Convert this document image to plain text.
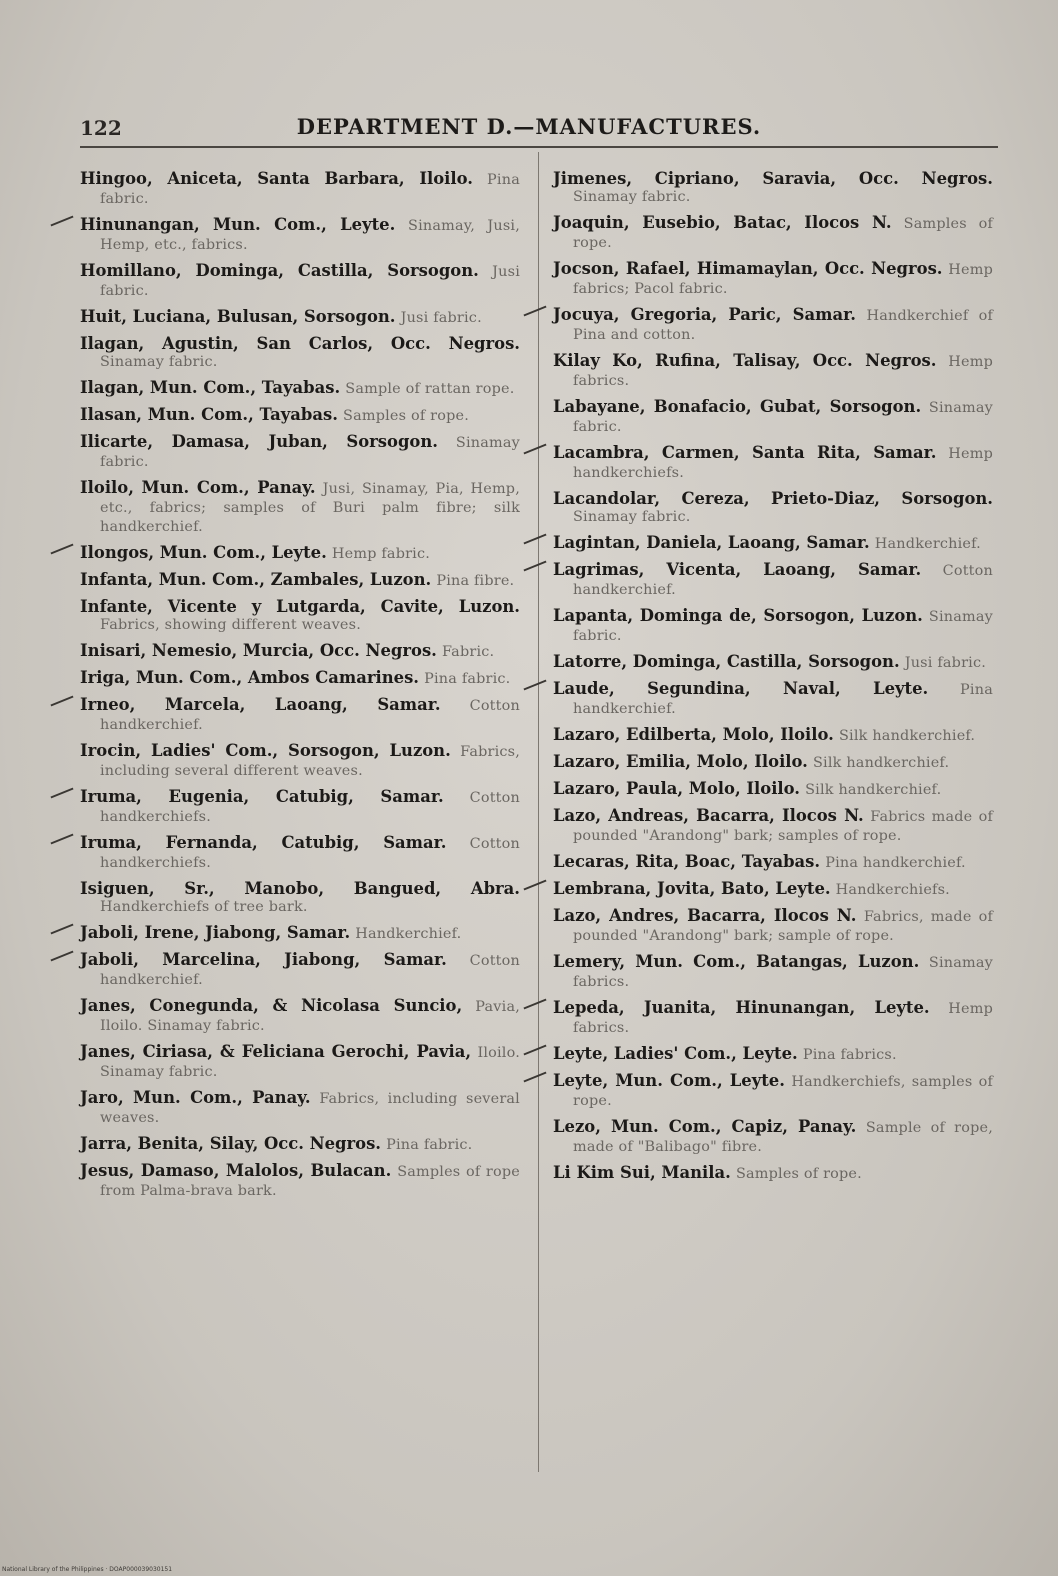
122	DEPARTMENT D.—MANUFACTURES.
Hingoo, Aniceta, Santa Barbara, Iloilo. Pina fabric.
Hinunangan, Mun. Com., Leyte. Sinamay, Jusi, Hemp, etc., fabrics.
Homillano, Dominga, Castilla, Sorsogon. Jusi fabric.
Huit, Luciana, Bulusan, Sorsogon. Jusi fabric.
Ilagan, Agustin, San Carlos, Occ. Negros. Sinamay fabric.
Ilagan, Mun. Com., Tayabas. Sample of rattan rope.
Ilasan, Mun. Com., Tayabas. Samples of rope.
Ilicarte, Damasa, Juban, Sorsogon. Sinamay fabric.
Iloilo, Mun. Com., Panay. Jusi, Sinamay, Pia, Hemp, etc., fabrics; samples of Buri palm fibre; silk handkerchief.
Ilongos, Mun. Com., Leyte. Hemp fabric.
Infanta, Mun. Com., Zambales, Luzon. Pina fibre.
Infante, Vicente y Lutgarda, Cavite, Luzon. Fabrics, showing different weaves.
Inisari, Nemesio, Murcia, Occ. Negros. Fabric.
Iriga, Mun. Com., Ambos Camarines. Pina fabric.
Irneo, Marcela, Laoang, Samar. Cotton handkerchief.
Irocin, Ladies' Com., Sorsogon, Luzon. Fabrics, including several different weaves.
Iruma, Eugenia, Catubig, Samar. Cotton handkerchiefs.
Iruma, Fernanda, Catubig, Samar. Cotton handkerchiefs.
Isiguen, Sr., Manobo, Bangued, Abra. Handkerchiefs of tree bark.
Jaboli, Irene, Jiabong, Samar. Handkerchief.
Jaboli, Marcelina, Jiabong, Samar. Cotton handkerchief.
Janes, Conegunda, & Nicolasa Suncio, Pavia, Iloilo. Sinamay fabric.
Janes, Ciriasa, & Feliciana Gerochi, Pavia, Iloilo. Sinamay fabric.
Jaro, Mun. Com., Panay. Fabrics, including several weaves.
Jarra, Benita, Silay, Occ. Negros. Pina fabric.
Jesus, Damaso, Malolos, Bulacan. Samples of rope from Palma-brava bark.
Jimenes, Cipriano, Saravia, Occ. Negros. Sinamay fabric.
Joaquin, Eusebio, Batac, Ilocos N. Samples of rope.
Jocson, Rafael, Himamaylan, Occ. Negros. Hemp fabrics; Pacol fabric.
Jocuya, Gregoria, Paric, Samar. Handkerchief of Pina and cotton.
Kilay Ko, Rufina, Talisay, Occ. Negros. Hemp fabrics.
Labayane, Bonafacio, Gubat, Sorsogon. Sinamay fabric.
Lacambra, Carmen, Santa Rita, Samar. Hemp handkerchiefs.
Lacandolar, Cereza, Prieto-Diaz, Sorsogon. Sinamay fabric.
Lagintan, Daniela, Laoang, Samar. Handkerchief.
Lagrimas, Vicenta, Laoang, Samar. Cotton handkerchief.
Lapanta, Dominga de, Sorsogon, Luzon. Sinamay fabric.
Latorre, Dominga, Castilla, Sorsogon. Jusi fabric.
Laude, Segundina, Naval, Leyte. Pina handkerchief.
Lazaro, Edilberta, Molo, Iloilo. Silk handkerchief.
Lazaro, Emilia, Molo, Iloilo. Silk handkerchief.
Lazaro, Paula, Molo, Iloilo. Silk handkerchief.
Lazo, Andreas, Bacarra, Ilocos N. Fabrics made of pounded "Arandong" bark; samples of rope.
Lecaras, Rita, Boac, Tayabas. Pina handkerchief.
Lembrana, Jovita, Bato, Leyte. Handkerchiefs.
Lazo, Andres, Bacarra, Ilocos N. Fabrics, made of pounded "Arandong" bark; sample of rope.
Lemery, Mun. Com., Batangas, Luzon. Sinamay fabrics.
Lepeda, Juanita, Hinunangan, Leyte. Hemp fabrics.
Leyte, Ladies' Com., Leyte. Pina fabrics.
Leyte, Mun. Com., Leyte. Handkerchiefs, samples of rope.
Lezo, Mun. Com., Capiz, Panay. Sample of rope, made of "Balibago" fibre.
Li Kim Sui, Manila. Samples of rope.
National Library of the Philippines · DOAP000039030151
